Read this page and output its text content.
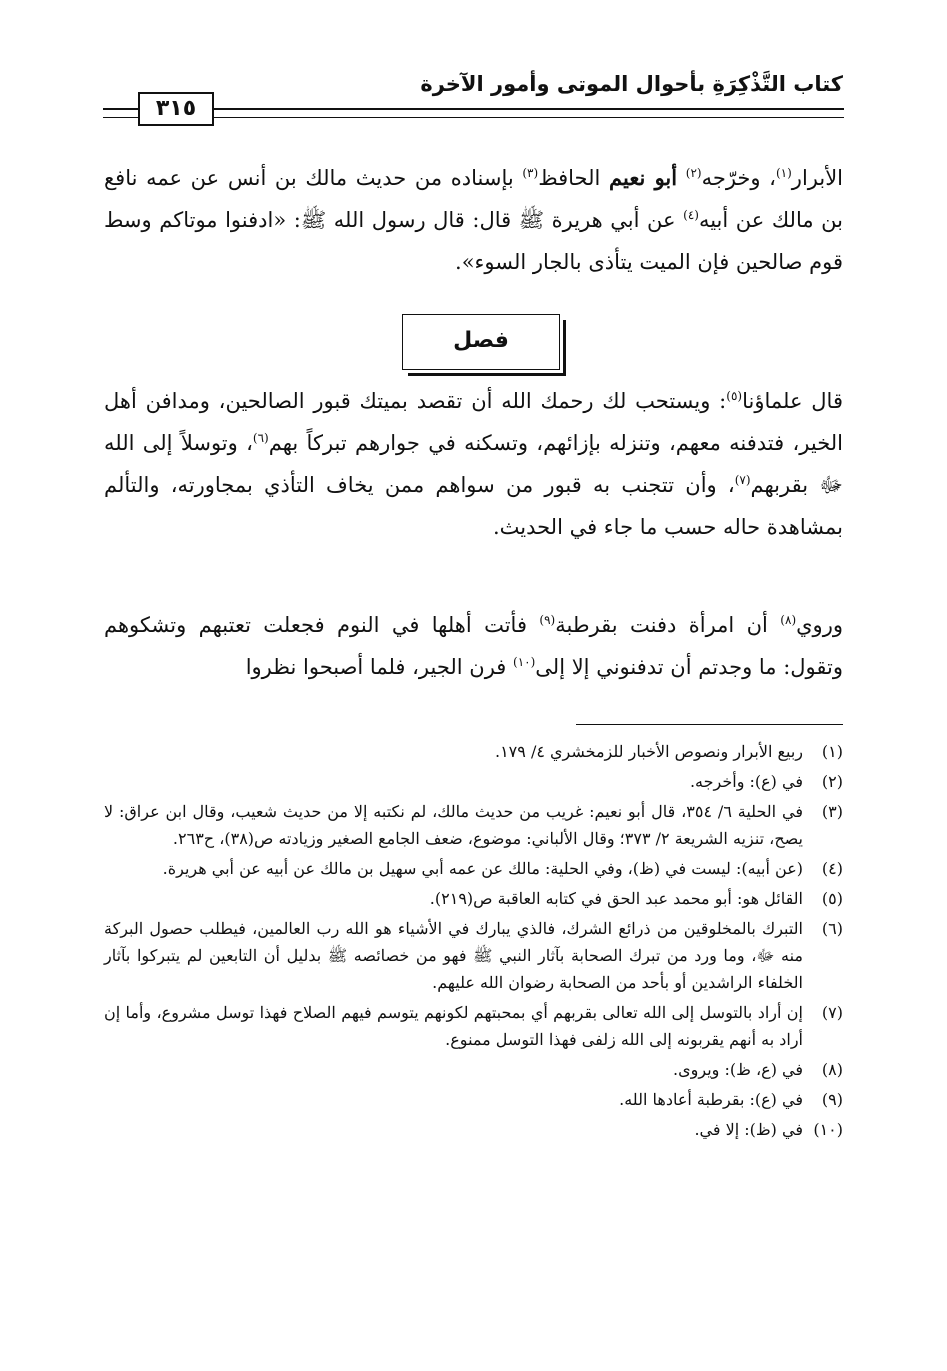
كتاب التَّذْكِرَةِ بأحوال الموتى وأمور الآخرة
٣١٥
الأبرار$^{(١)}$، وخرّجه$^{(٢)}$ أبو نعيم الحافظ$^{(٣)}$ بإسناده من حديث مالك بن أنس عن عمه نافع بن مالك عن أبيه$^{(٤)}$ عن أبي هريرة ﷺ قال: قال رسول الله ﷺ: «ادفنوا موتاكم وسط قوم صالحين فإن الميت يتأذى بالجار السوء».
فصل
قال علماؤنا$^{(٥)}$: ويستحب لك رحمك الله أن تقصد بميتك قبور الصالحين، ومدافن أهل الخير، فتدفنه معهم، وتنزله بإزائهم، وتسكنه في جوارهم تبركاً بهم$^{(٦)}$، وتوسلاً إلى الله ﷻ بقربهم$^{(٧)}$، وأن تتجنب به قبور من سواهم ممن يخاف التأذي بمجاورته، والتألم بمشاهدة حاله حسب ما جاء في الحديث.
وروي$^{(٨)}$ أن امرأة دفنت بقرطبة$^{(٩)}$ فأتت أهلها في النوم فجعلت تعتبهم وتشكوهم وتقول: ما وجدتم أن تدفنوني إلا إلى$^{(١٠)}$ فرن الجير، فلما أصبحوا نظروا
(١)
ربيع الأبرار ونصوص الأخبار للزمخشري ٤/ ١٧٩.
(٢)
في (ع): وأخرجه.
(٣)
في الحلية ٦/ ٣٥٤، قال أبو نعيم: غريب من حديث مالك، لم نكتبه إلا من حديث شعيب، وقال ابن عراق: لا يصح، تنزيه الشريعة ٢/ ٣٧٣؛ وقال الألباني: موضوع، ضعف الجامع الصغير وزيادته ص(٣٨)، ح٢٦٣.
(٤)
(عن أبيه): ليست في (ظ)، وفي الحلية: مالك عن عمه أبي سهيل بن مالك عن أبيه عن أبي هريرة.
(٥)
القائل هو: أبو محمد عبد الحق في كتابه العاقبة ص(٢١٩).
(٦)
التبرك بالمخلوقين من ذرائع الشرك، فالذي يبارك في الأشياء هو الله رب العالمين، فيطلب حصول البركة منه ﷻ، وما ورد من تبرك الصحابة بآثار النبي ﷺ فهو من خصائصه ﷺ بدليل أن التابعين لم يتبركوا بآثار الخلفاء الراشدين أو بأحد من الصحابة رضوان الله عليهم.
(٧)
إن أراد بالتوسل إلى الله تعالى بقربهم أي بمحبتهم لكونهم يتوسم فيهم الصلاح فهذا توسل مشروع، وأما إن أراد به أنهم يقربونه إلى الله زلفى فهذا التوسل ممنوع.
(٨)
في (ع، ظ): ويروى.
(٩)
في (ع): بقرطبة أعادها الله.
(١٠)
في (ظ): إلا في.
